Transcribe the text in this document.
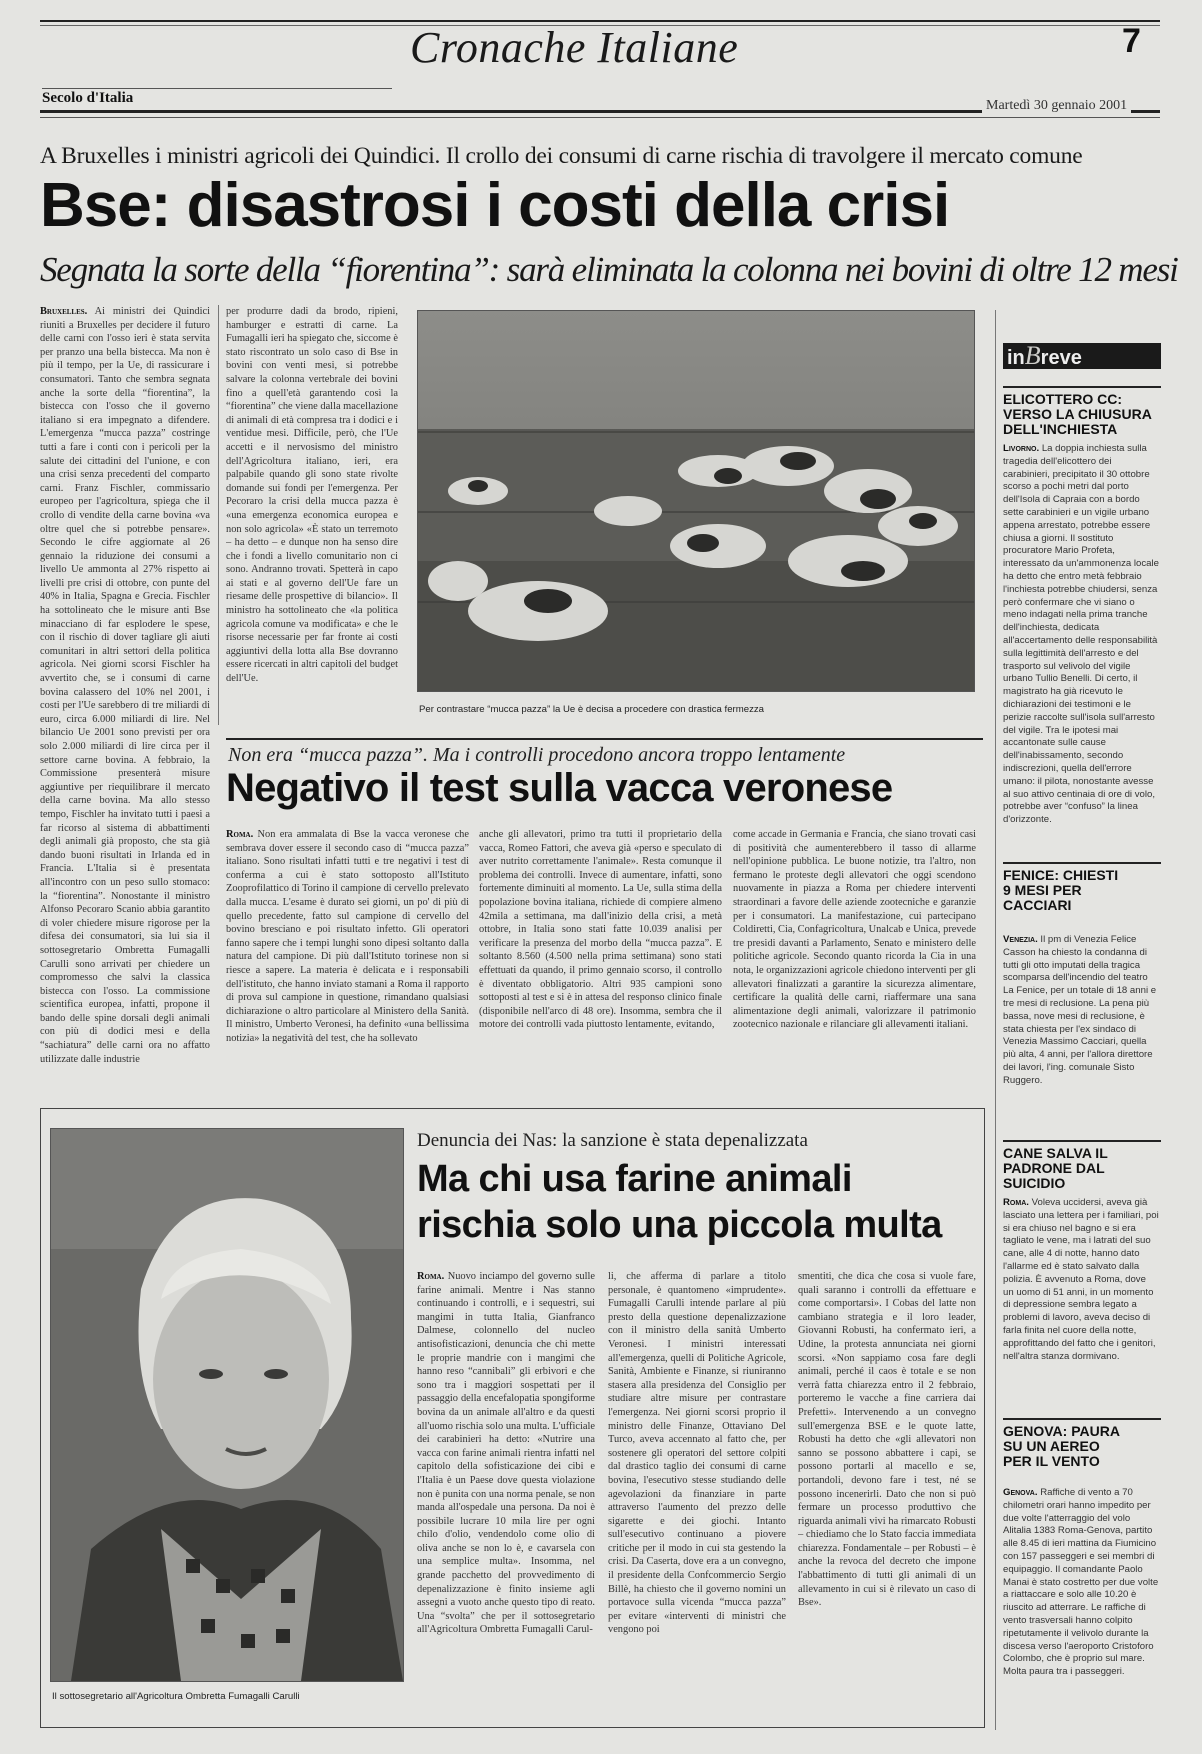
Cronache Italiane	7
Secolo d'Italia	Martedì 30 gennaio 2001
A Bruxelles i ministri agricoli dei Quindici. Il crollo dei consumi di carne rischia di travolgere il mercato comune
Bse: disastrosi i costi della crisi
Segnata la sorte della “fiorentina”: sarà eliminata la colonna nei bovini di oltre 12 mesi
Bruxelles. Ai ministri dei Quindici riuniti a Bruxelles per decidere il futuro delle carni con l'osso ieri è stata servita per pranzo una bella bistecca. Ma non è più il tempo, per la Ue, di rassicurare i consumatori. Tanto che sembra segnata anche la sorte della “fiorentina”, la bistecca con l'osso che il governo italiano si era impegnato a difendere. L'emergenza “mucca pazza” costringe tutti a fare i conti con i pericoli per la salute dei cittadini del l'unione, e con una crisi senza precedenti del comparto carni. Franz Fischler, commissario europeo per l'agricoltura, spiega che il crollo di vendite della carne bovina «va oltre quel che si potrebbe pensare». Secondo le cifre aggiornate al 26 gennaio la riduzione dei consumi a livello Ue ammonta al 27% rispetto ai livelli pre crisi di ottobre, con punte del 40% in Italia, Spagna e Grecia. Fischler ha sottolineato che le misure anti Bse minacciano di far esplodere le spese, con il rischio di dover tagliare gli aiuti comunitari in altri settori della politica agricola. Nei giorni scorsi Fischler ha avvertito che, se i consumi di carne bovina calassero del 10% nel 2001, i costi per l'Ue sarebbero di tre miliardi di euro, circa 6.000 miliardi di lire. Nel bilancio Ue 2001 sono previsti per ora solo 2.000 miliardi di lire circa per il settore carne bovina. A febbraio, la Commissione presenterà misure aggiuntive per riequilibrare il mercato della carne bovina. Ma allo stesso tempo, Fischler ha invitato tutti i paesi a far ricorso al sistema di abbattimenti degli animali già proposto, che sta già dando buoni risultati in Irlanda ed in Francia. L'Italia si è presentata all'incontro con un peso sullo stomaco: la “fiorentina”. Nonostante il ministro Alfonso Pecoraro Scanio abbia garantito di voler chiedere misure rigorose per la difesa dei consumatori, sia lui sia il sottosegretario Ombretta Fumagalli Carulli sono arrivati per chiedere un compromesso che salvi la classica bistecca con l'osso. La commissione scientifica europea, infatti, propone il bando delle spine dorsali degli animali con più di dodici mesi e della “sachiatura” delle carni ora no affatto utilizzate dalle industrie
per produrre dadi da brodo, ripieni, hamburger e estratti di carne. La Fumagalli ieri ha spiegato che, siccome è stato riscontrato un solo caso di Bse in bovini con venti mesi, si potrebbe salvare la colonna vertebrale dei bovini fino a quell'età garantendo così la “fiorentina” che viene dalla macellazione di animali di età compresa tra i dodici e i ventidue mesi. Difficile, però, che l'Ue accetti e il nervosismo del ministro dell'Agricoltura italiano, ieri, era palpabile quando gli sono state rivolte domande sui fondi per l'emergenza. Per Pecoraro la crisi della mucca pazza è «una emergenza economica europea e non solo agricola» «È stato un terremoto – ha detto – e dunque non ha senso dire che i fondi a livello comunitario non ci sono. Andranno trovati. Spetterà in capo ai stati e al governo dell'Ue fare un riesame delle prospettive di bilancio». Il ministro ha sottolineato che «la politica agricola comune va modificata» e che le risorse necessarie per far fronte ai costi aggiuntivi della lotta alla Bse dovranno essere ricercati in altri capitoli del budget dell'Ue.
Per contrastare “mucca pazza” la Ue è decisa a procedere con drastica fermezza
Non era “mucca pazza”. Ma i controlli procedono ancora troppo lentamente
Negativo il test sulla vacca veronese
Roma. Non era ammalata di Bse la vacca veronese che sembrava dover essere il secondo caso di “mucca pazza” italiano. Sono risultati infatti tutti e tre negativi i test di conferma a cui è stato sottoposto all'Istituto Zooprofilattico di Torino il campione di cervello prelevato dalla mucca. L'esame è durato sei giorni, un po' di più di quello precedente, fatto sul campione di cervello del bovino bresciano e poi risultato infetto. Gli operatori fanno sapere che i tempi lunghi sono dipesi soltanto dalla natura del campione. Di più dall'Istituto torinese non si riesce a sapere. La materia è delicata e i responsabili dell'istituto, che hanno inviato stamani a Roma il rapporto di prova sul campione in questione, rimandano qualsiasi dichiarazione o altro particolare al Ministero della Sanità. Il ministro, Umberto Veronesi, ha definito «una bellissima notizia» la negatività del test, che ha sollevato
anche gli allevatori, primo tra tutti il proprietario della vacca, Romeo Fattori, che aveva già «perso e speculato di aver nutrito correttamente l'animale». Resta comunque il problema dei controlli. Invece di aumentare, infatti, sono fortemente diminuiti al momento. La Ue, sulla stima della popolazione bovina italiana, richiede di compiere almeno 42mila a settimana, ma dall'inizio della crisi, a metà ottobre, in Italia sono stati fatte 10.039 analisi per verificare la presenza del morbo della “mucca pazza”. E soltanto 8.560 (4.500 nella prima settimana) sono stati effettuati da quando, il primo gennaio scorso, il controllo è diventato obbligatorio. Altri 935 campioni sono sottoposti al test e si è in attesa del responso clinico finale (disponibile nell'arco di 48 ore). Insomma, sembra che il motore dei controlli vada piuttosto lentamente, evitando,
come accade in Germania e Francia, che siano trovati casi di positività che aumenterebbero il tasso di allarme nell'opinione pubblica. Le buone notizie, tra l'altro, non fermano le proteste degli allevatori che oggi scendono nuovamente in piazza a Roma per chiedere interventi straordinari a favore delle aziende zootecniche e garanzie per i consumatori. La manifestazione, cui partecipano Coldiretti, Cia, Confagricoltura, Unalcab e Unica, prevede tre presidi davanti a Parlamento, Senato e ministero delle politiche agricole. Secondo quanto ricorda la Cia in una nota, le organizzazioni agricole chiedono interventi per gli allevatori finalizzati a garantire la sicurezza alimentare, certificare la qualità delle carni, riaffermare una sana alimentazione degli animali, valorizzare il patrimonio zootecnico nazionale e rilanciare gli allevamenti italiani.
Il sottosegretario all'Agricoltura Ombretta Fumagalli Carulli
Denuncia dei Nas: la sanzione è stata depenalizzata
Ma chi usa farine animali rischia solo una piccola multa
Roma. Nuovo inciampo del governo sulle farine animali. Mentre i Nas stanno continuando i controlli, e i sequestri, sui mangimi in tutta Italia, Gianfranco Dalmese, colonnello del nucleo antisofisticazioni, denuncia che chi mette le proprie mandrie con i mangimi che hanno reso “cannibali” gli erbivori e che sono tra i maggiori sospettati per il passaggio della encefalopatia spongiforme bovina da un animale all'altro e da questi all'uomo rischia solo una multa. L'ufficiale dei carabinieri ha detto: «Nutrire una vacca con farine animali rientra infatti nel capitolo della sofisticazione dei cibi e l'Italia è un Paese dove questa violazione non è punita con una norma penale, se non manda all'ospedale una persona. Da noi è possibile lucrare 10 mila lire per ogni chilo d'olio, vendendolo come olio di oliva anche se non lo è, e cavarsela con una semplice multa». Insomma, nel grande pacchetto del provvedimento di depenalizzazione è finito insieme agli assegni a vuoto anche questo tipo di reato. Una “svolta” che per il sottosegretario all'Agricoltura Ombretta Fumagalli Carul-
li, che afferma di parlare a titolo personale, è quantomeno «imprudente». Fumagalli Carulli intende parlare al più presto della questione depenalizzazione con il ministro della sanità Umberto Veronesi. I ministri interessati all'emergenza, quelli di Politiche Agricole, Sanità, Ambiente e Finanze, si riuniranno stasera alla presidenza del Consiglio per studiare altre misure per contrastare l'emergenza. Nei giorni scorsi proprio il ministro delle Finanze, Ottaviano Del Turco, aveva accennato al fatto che, per sostenere gli operatori del settore colpiti dal drastico taglio dei consumi di carne bovina, l'esecutivo stesse studiando delle agevolazioni da finanziare in parte attraverso l'aumento del prezzo delle sigarette e dei giochi. Intanto sull'esecutivo continuano a piovere critiche per il modo in cui sta gestendo la crisi. Da Caserta, dove era a un convegno, il presidente della Confcommercio Sergio Billè, ha chiesto che il governo nomini un portavoce sulla vicenda “mucca pazza” per evitare «interventi di ministri che vengono poi
smentiti, che dica che cosa si vuole fare, quali saranno i controlli da effettuare e come comportarsi». I Cobas del latte non cambiano strategia e il loro leader, Giovanni Robusti, ha confermato ieri, a Udine, la protesta annunciata nei giorni scorsi. «Non sappiamo cosa fare degli animali, perché il caos è totale e se non verrà fatta chiarezza entro il 2 febbraio, porteremo le vacche a fine carriera dai Prefetti». Intervenendo a un convegno sull'emergenza BSE e le quote latte, Robusti ha detto che «gli allevatori non sanno se possono abbattere i capi, se possono portarli al macello e se, portandoli, devono fare i test, né se possono incenerirli. Dato che non si può fermare un processo produttivo che riguarda animali vivi ha rimarcato Robusti – chiediamo che lo Stato faccia immediata chiarezza. Fondamentale – per Robusti – è anche la revoca del decreto che impone l'abbattimento di tutti gli animali di un allevamento in cui si è rilevato un caso di Bse».
inBreve
ELICOTTERO CC: VERSO LA CHIUSURA DELL'INCHIESTA
Livorno. La doppia inchiesta sulla tragedia dell'elicottero dei carabinieri, precipitato il 30 ottobre scorso a pochi metri dal porto dell'Isola di Capraia con a bordo sette carabinieri e un vigile urbano appena arrestato, potrebbe essere chiusa a giorni. Il sostituto procuratore Mario Profeta, interessato da un'ammonenza locale ha detto che entro metà febbraio l'inchiesta potrebbe chiudersi, senza però confermare che vi siano o meno indagati nella prima tranche dell'inchiesta, dedicata all'accertamento delle responsabilità sulla legittimità dell'arresto e del trasporto sul velivolo del vigile urbano Tullio Benelli. Di certo, il magistrato ha già ricevuto le dichiarazioni dei testimoni e le perizie raccolte sull'isola sull'arresto del vigile. Tra le ipotesi mai accantonate sulle cause dell'inabissamento, secondo indiscrezioni, quella dell'errore umano: il pilota, nonostante avesse al suo attivo centinaia di ore di volo, potrebbe aver “confuso” la linea d'orizzonte.
FENICE: CHIESTI 9 MESI PER CACCIARI
Venezia. Il pm di Venezia Felice Casson ha chiesto la condanna di tutti gli otto imputati della tragica scomparsa dell'incendio del teatro La Fenice, per un totale di 18 anni e tre mesi di reclusione. La pena più bassa, nove mesi di reclusione, è stata chiesta per l'ex sindaco di Venezia Massimo Cacciari, quella più alta, 4 anni, per l'allora direttore dei lavori, l'ing. comunale Sisto Ruggero.
CANE SALVA IL PADRONE DAL SUICIDIO
Roma. Voleva uccidersi, aveva già lasciato una lettera per i familiari, poi si era chiuso nel bagno e si era tagliato le vene, ma i latrati del suo cane, alle 4 di notte, hanno dato l'allarme ed è stato salvato dalla polizia. È avvenuto a Roma, dove un uomo di 51 anni, in un momento di depressione sembra legato a problemi di lavoro, aveva deciso di farla finita nel cuore della notte, approfittando del fatto che i genitori, nell'altra stanza dormivano.
GENOVA: PAURA SU UN AEREO PER IL VENTO
Genova. Raffiche di vento a 70 chilometri orari hanno impedito per due volte l'atterraggio del volo Alitalia 1383 Roma-Genova, partito alle 8.45 di ieri mattina da Fiumicino con 157 passeggeri e sei membri di equipaggio. Il comandante Paolo Manai è stato costretto per due volte a riattaccare e solo alle 10.20 è riuscito ad atterrare. Le raffiche di vento trasversali hanno colpito ripetutamente il velivolo durante la discesa verso l'aeroporto Cristoforo Colombo, che è proprio sul mare. Molta paura tra i passeggeri.
